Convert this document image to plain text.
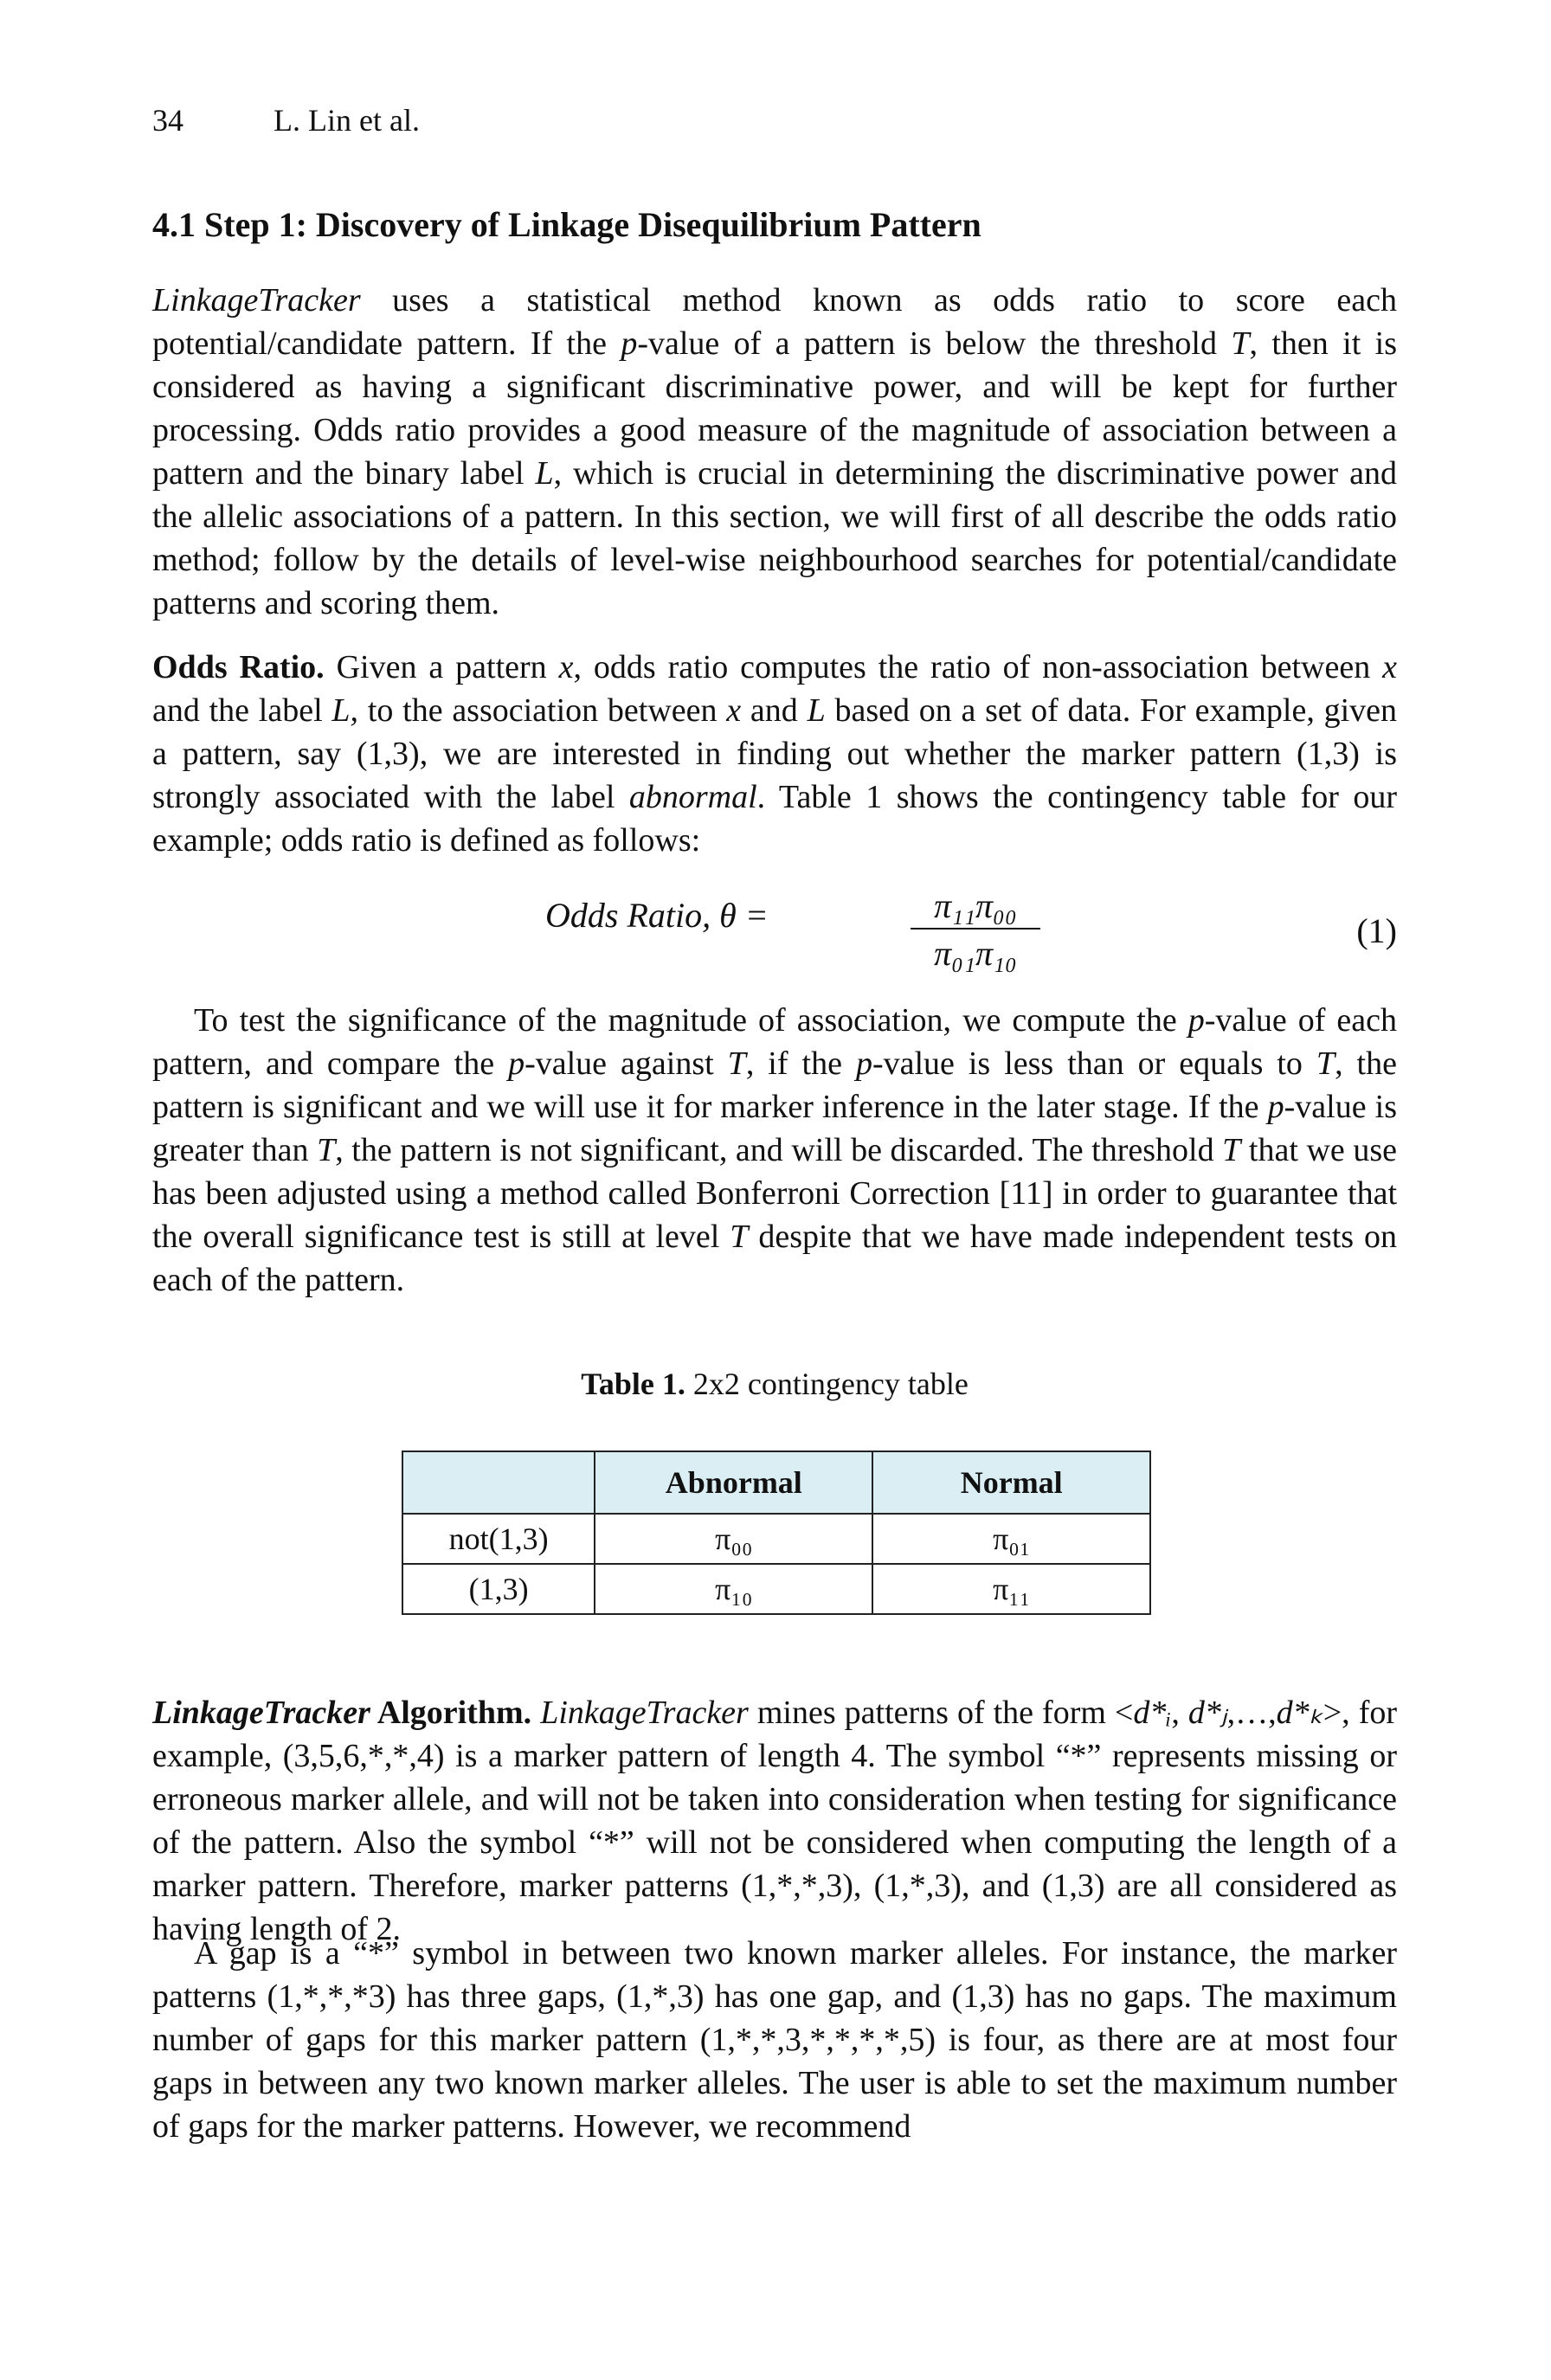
34	L. Lin et al.
4.1 Step 1: Discovery of Linkage Disequilibrium Pattern

LinkageTracker uses a statistical method known as odds ratio to score each potential/candidate pattern. If the p-value of a pattern is below the threshold T, then it is considered as having a significant discriminative power, and will be kept for further processing. Odds ratio provides a good measure of the magnitude of association between a pattern and the binary label L, which is crucial in determining the discriminative power and the allelic associations of a pattern. In this section, we will first of all describe the odds ratio method; follow by the details of level-wise neighbourhood searches for potential/candidate patterns and scoring them.

Odds Ratio. Given a pattern x, odds ratio computes the ratio of non-association between x and the label L, to the association between x and L based on a set of data. For example, given a pattern, say (1,3), we are interested in finding out whether the marker pattern (1,3) is strongly associated with the label abnormal. Table 1 shows the contingency table for our example; odds ratio is defined as follows:

Odds Ratio, θ =	$\frac{\text{π₁₁π₀₀}}{\text{π₀₁π₁₀}}$	(1)

To test the significance of the magnitude of association, we compute the p-value of each pattern, and compare the p-value against T, if the p-value is less than or equals to T, the pattern is significant and we will use it for marker inference in the later stage. If the p-value is greater than T, the pattern is not significant, and will be discarded. The threshold T that we use has been adjusted using a method called Bonferroni Correction [11] in order to guarantee that the overall significance test is still at level T despite that we have made independent tests on each of the pattern.

Table 1. 2x2 contingency table
	Abnormal	Normal
not(1,3)	π₀₀	π₀₁
(1,3)	π₁₀	π₁₁

LinkageTracker Algorithm. LinkageTracker mines patterns of the form <d*ᵢ, d*ⱼ,…,d*ₖ>, for example, (3,5,6,*,*,4) is a marker pattern of length 4. The symbol “*” represents missing or erroneous marker allele, and will not be taken into consideration when testing for significance of the pattern. Also the symbol “*” will not be considered when computing the length of a marker pattern. Therefore, marker patterns (1,*,*,3), (1,*,3), and (1,3) are all considered as having length of 2.

A gap is a “*” symbol in between two known marker alleles. For instance, the marker patterns (1,*,*,*3) has three gaps, (1,*,3) has one gap, and (1,3) has no gaps. The maximum number of gaps for this marker pattern (1,*,*,3,*,*,*,*,5) is four, as there are at most four gaps in between any two known marker alleles. The user is able to set the maximum number of gaps for the marker patterns. However, we recommend
